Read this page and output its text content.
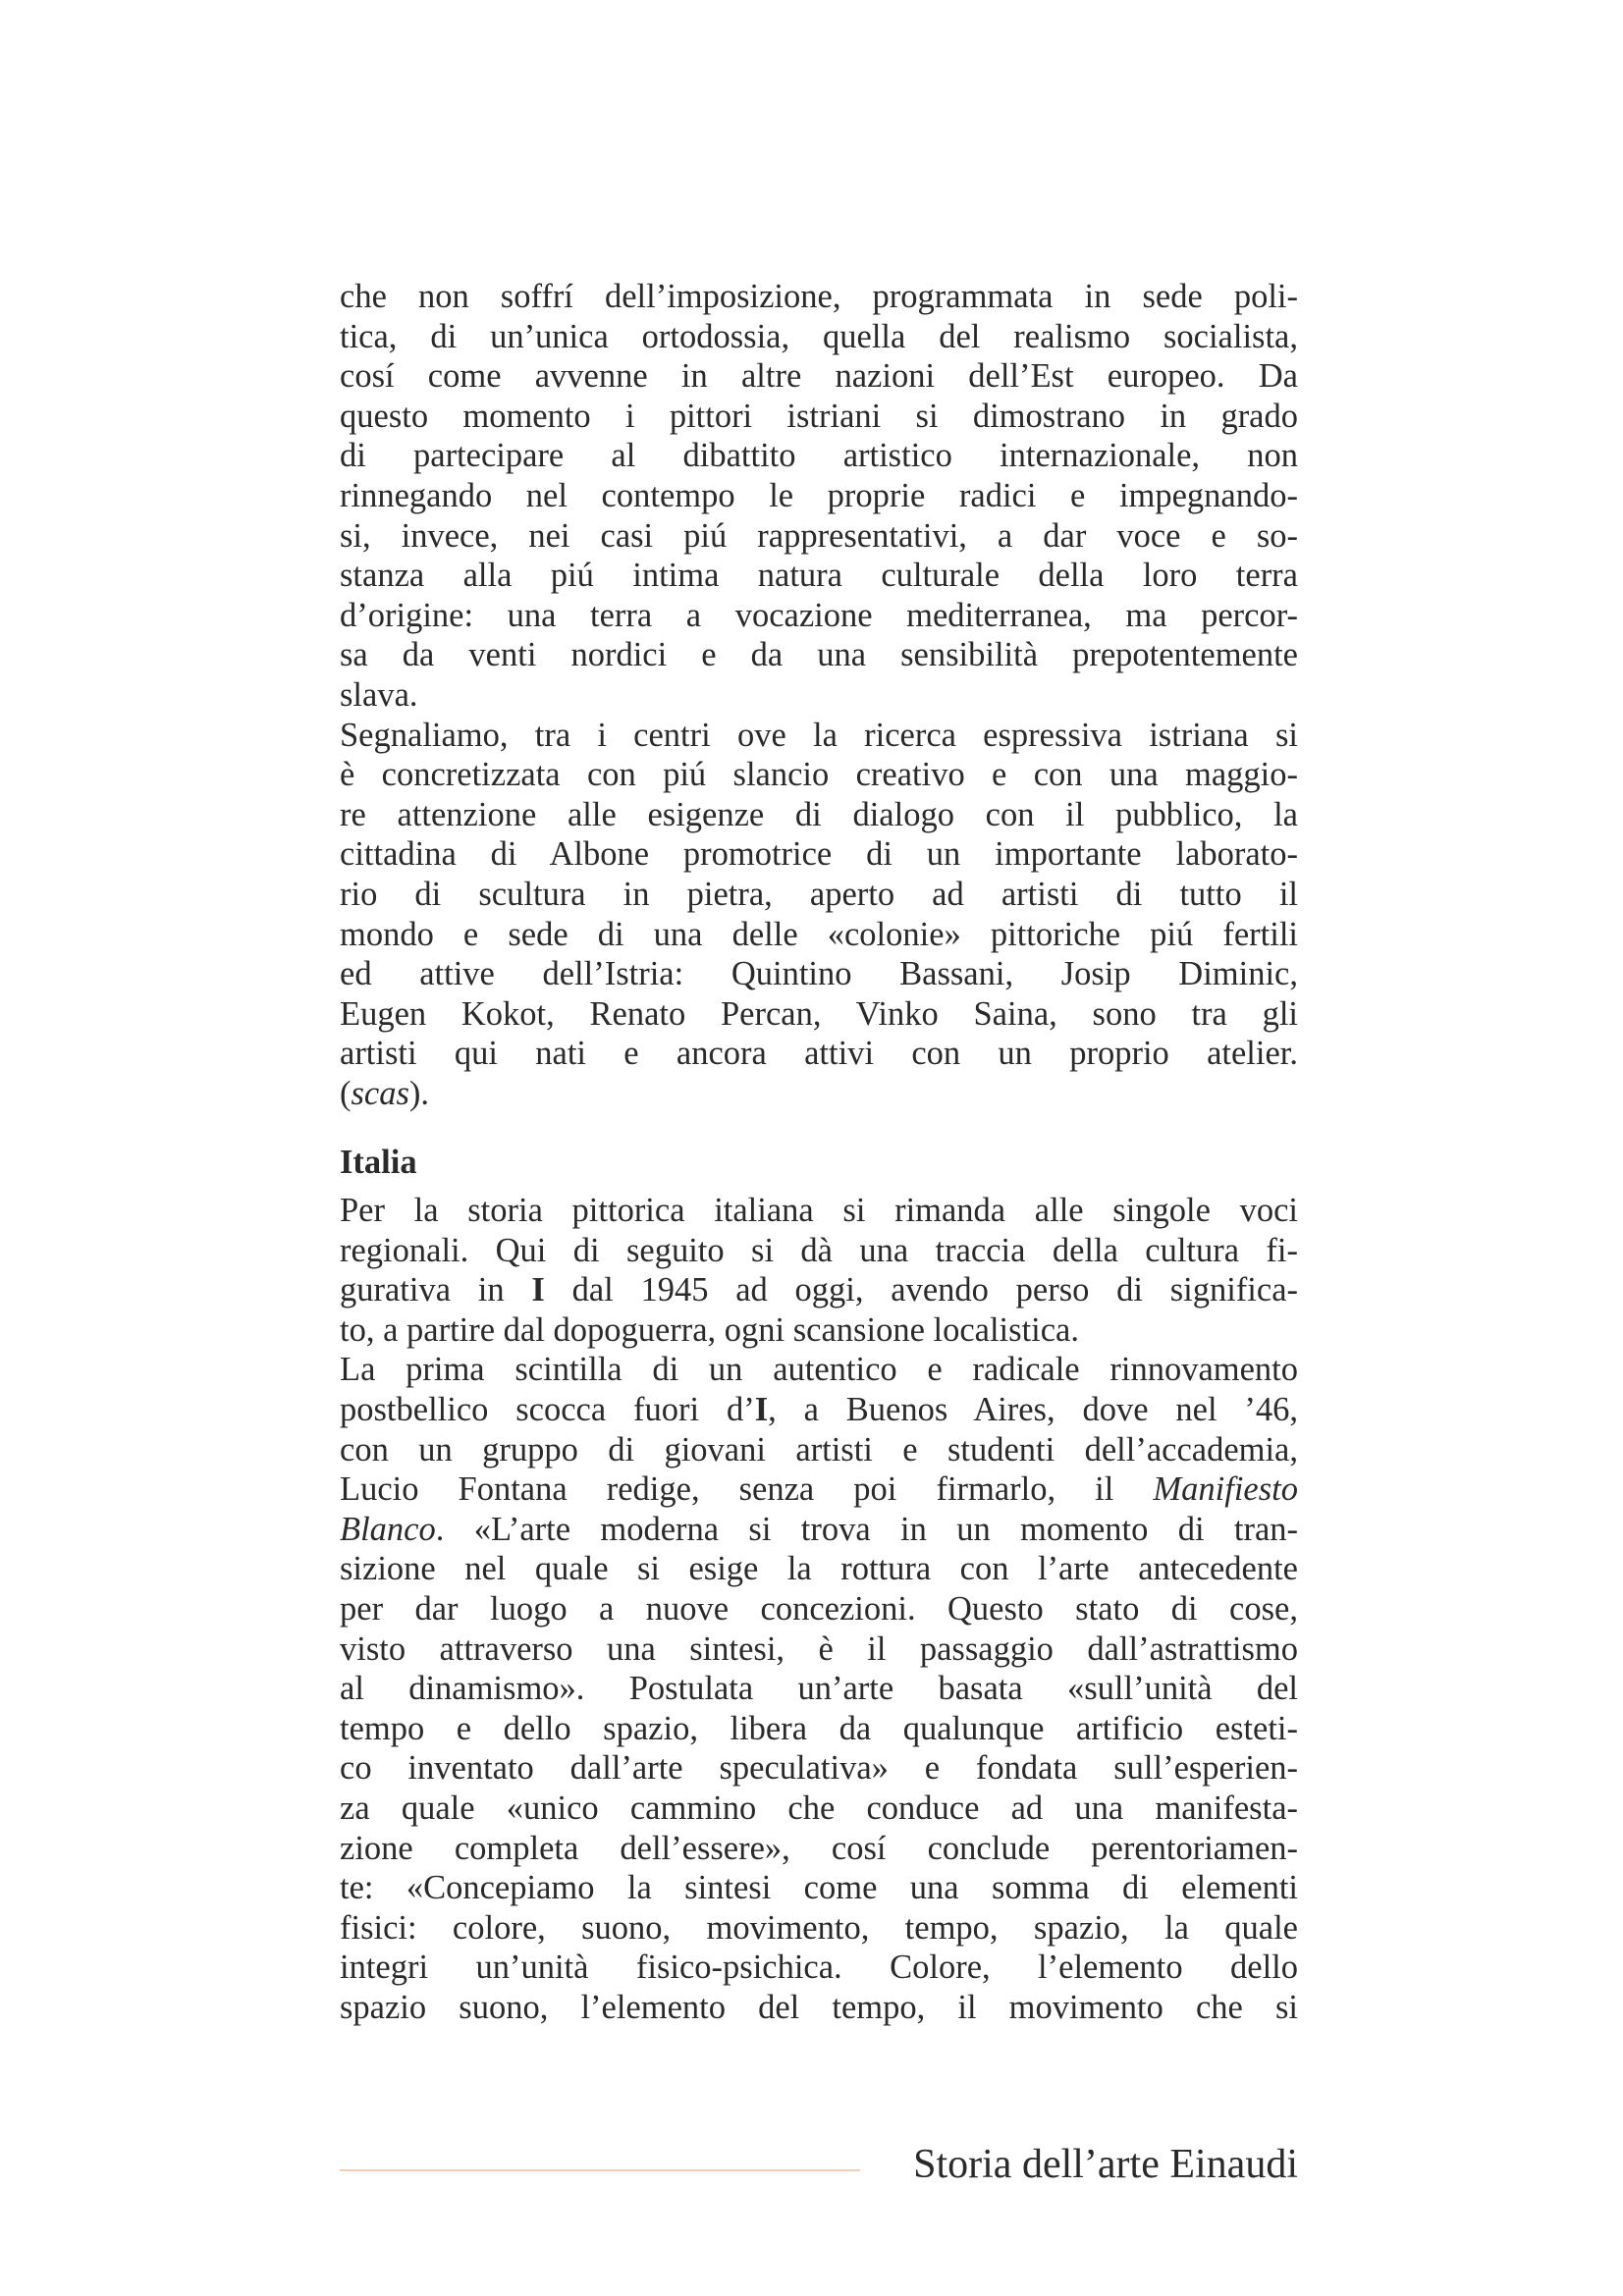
che non soffrí dell’imposizione, programmata in sede poli-
tica, di un’unica ortodossia, quella del realismo socialista,
cosí come avvenne in altre nazioni dell’Est europeo. Da
questo momento i pittori istriani si dimostrano in grado
di partecipare al dibattito artistico internazionale, non
rinnegando nel contempo le proprie radici e impegnando-
si, invece, nei casi piú rappresentativi, a dar voce e so-
stanza alla piú intima natura culturale della loro terra
d’origine: una terra a vocazione mediterranea, ma percor-
sa da venti nordici e da una sensibilità prepotentemente
slava.

Segnaliamo, tra i centri ove la ricerca espressiva istriana si
è concretizzata con piú slancio creativo e con una maggio-
re attenzione alle esigenze di dialogo con il pubblico, la
cittadina di Albone promotrice di un importante laborato-
rio di scultura in pietra, aperto ad artisti di tutto il
mondo e sede di una delle «colonie» pittoriche piú fertili
ed attive dell’Istria: Quintino Bassani, Josip Diminic,
Eugen Kokot, Renato Percan, Vinko Saina, sono tra gli
artisti qui nati e ancora attivi con un proprio atelier.
(scas).

Italia

Per la storia pittorica italiana si rimanda alle singole voci
regionali. Qui di seguito si dà una traccia della cultura fi-
gurativa in I dal 1945 ad oggi, avendo perso di significa-
to, a partire dal dopoguerra, ogni scansione localistica.

La prima scintilla di un autentico e radicale rinnovamento
postbellico scocca fuori d’I, a Buenos Aires, dove nel ’46,
con un gruppo di giovani artisti e studenti dell’accademia,
Lucio Fontana redige, senza poi firmarlo, il Manifiesto
Blanco. «L’arte moderna si trova in un momento di tran-
sizione nel quale si esige la rottura con l’arte antecedente
per dar luogo a nuove concezioni. Questo stato di cose,
visto attraverso una sintesi, è il passaggio dall’astrattismo
al dinamismo». Postulata un’arte basata «sull’unità del
tempo e dello spazio, libera da qualunque artificio esteti-
co inventato dall’arte speculativa» e fondata sull’esperien-
za quale «unico cammino che conduce ad una manifesta-
zione completa dell’essere», cosí conclude perentoriamen-
te: «Concepiamo la sintesi come una somma di elementi
fisici: colore, suono, movimento, tempo, spazio, la quale
integri un’unità fisico-psichica. Colore, l’elemento dello
spazio suono, l’elemento del tempo, il movimento che si

Storia dell’arte Einaudi
